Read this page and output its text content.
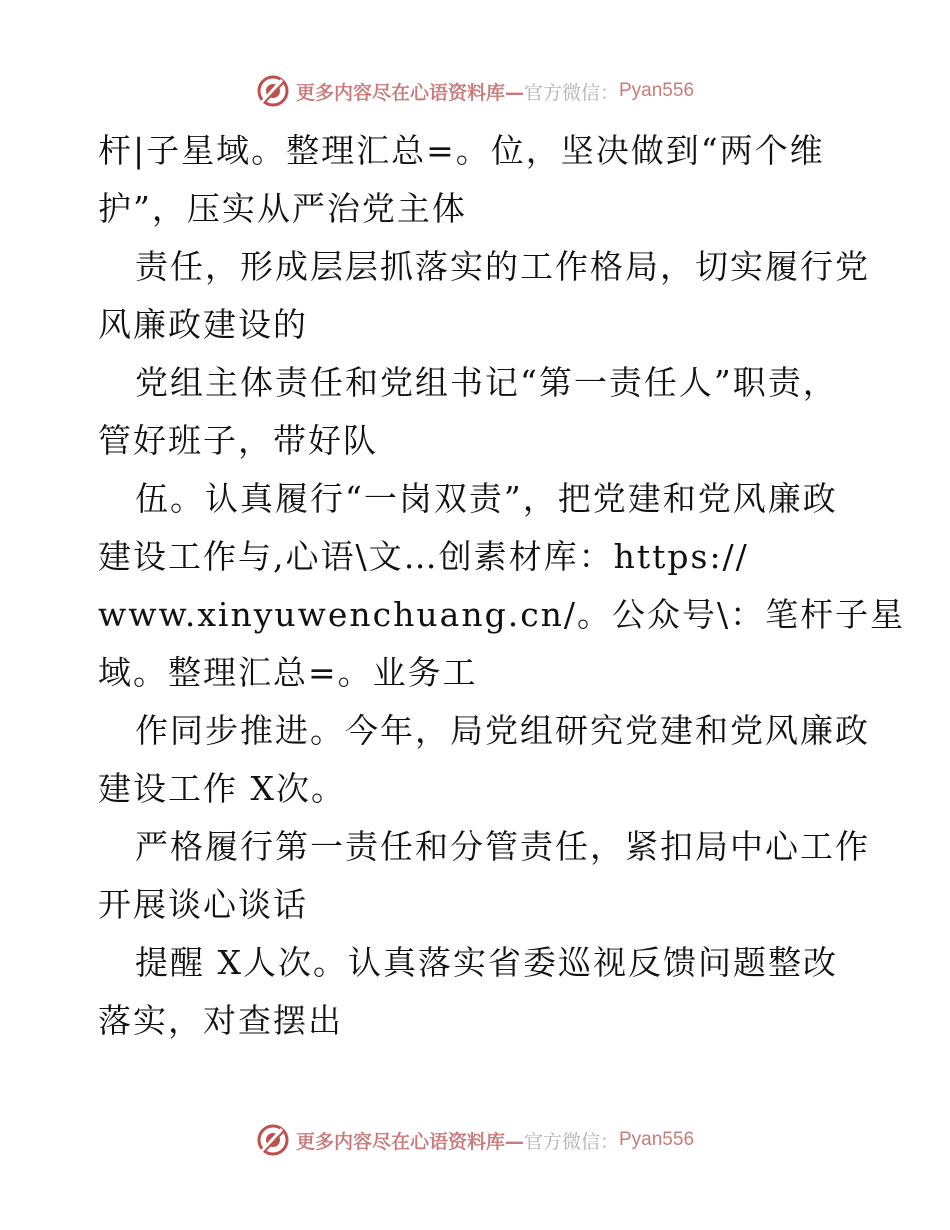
更多内容尽在心语资料库— 官方微信： Pyan556
杆|子星域。整理汇总=。位，坚决做到“两个维
护”，压实从严治党主体
责任，形成层层抓落实的工作格局，切实履行党
风廉政建设的
党组主体责任和党组书记“第一责任人”职责，
管好班子，带好队
伍。认真履行“一岗双责”，把党建和党风廉政
建设工作与,心语\文…创素材库：https://
www.xinyuwenchuang.cn/。公众号\：笔杆子星
域。整理汇总=。业务工
作同步推进。今年，局党组研究党建和党风廉政
建设工作 X次。
严格履行第一责任和分管责任，紧扣局中心工作
开展谈心谈话
提醒 X人次。认真落实省委巡视反馈问题整改
落实，对查摆出
更多内容尽在心语资料库— 官方微信： Pyan556
